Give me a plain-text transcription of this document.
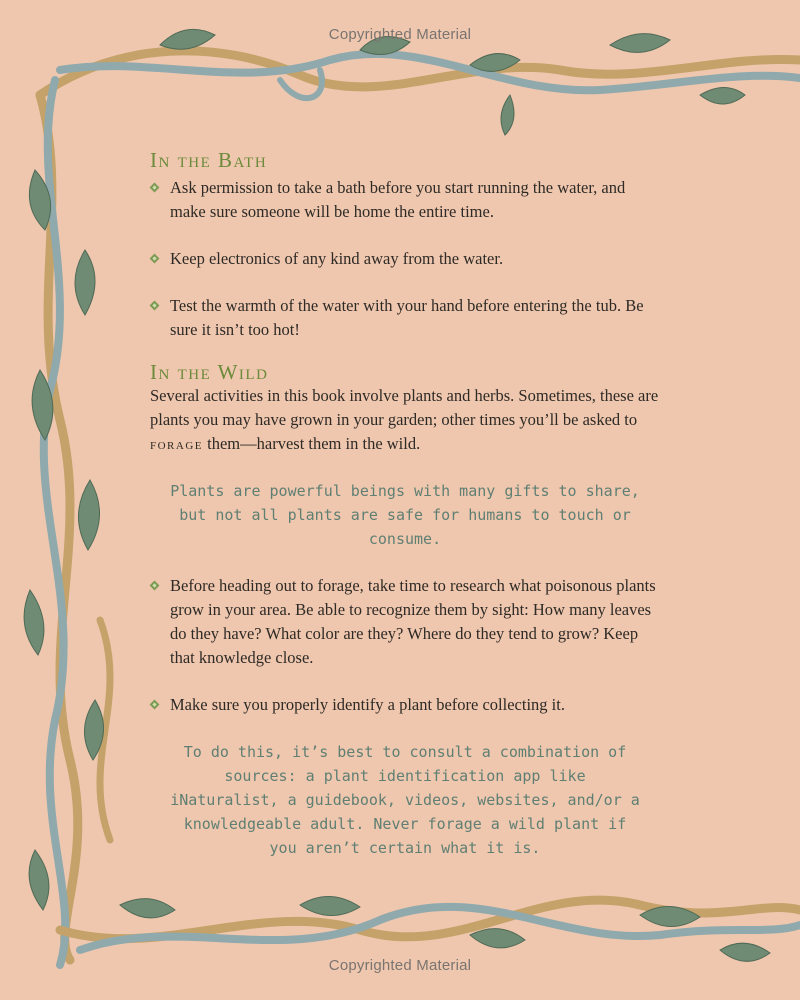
Copyrighted Material
In the Bath
Ask permission to take a bath before you start running the water, and make sure someone will be home the entire time.
Keep electronics of any kind away from the water.
Test the warmth of the water with your hand before entering the tub. Be sure it isn’t too hot!
In the Wild

Several activities in this book involve plants and herbs. Sometimes, these are plants you may have grown in your garden; other times you’ll be asked to forage them—harvest them in the wild.

Plants are powerful beings with many gifts to share, but not all plants are safe for humans to touch or consume.

Before heading out to forage, take time to research what poisonous plants grow in your area. Be able to recognize them by sight: How many leaves do they have? What color are they? Where do they tend to grow? Keep that knowledge close.
Make sure you properly identify a plant before collecting it.

To do this, it’s best to consult a combination of sources: a plant identification app like iNaturalist, a guidebook, videos, websites, and/or a knowledgeable adult. Never forage a wild plant if you aren’t certain what it is.

Copyrighted Material
